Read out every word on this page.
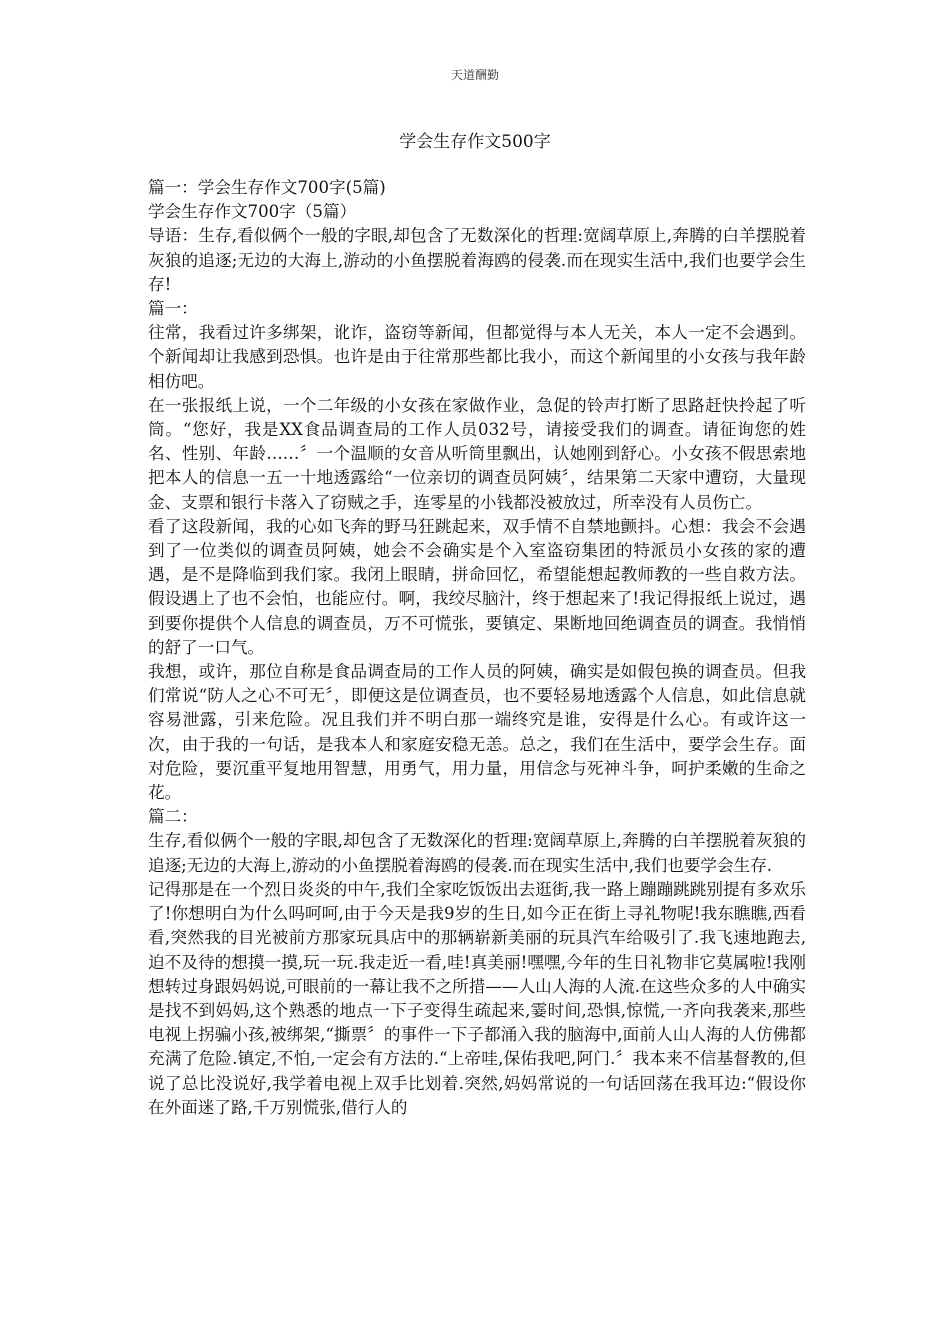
天道酬勤
学会生存作文500字

篇一：学会生存作文700字(5篇)

学会生存作文700字（5篇）

导语：生存,看似俩个一般的字眼,却包含了无数深化的哲理:宽阔草原上,奔腾的白羊摆脱着灰狼的追逐;无边的大海上,游动的小鱼摆脱着海鸥的侵袭.而在现实生活中,我们也要学会生存!

篇一：

往常，我看过许多绑架，讹诈，盗窃等新闻，但都觉得与本人无关，本人一定不会遇到。个新闻却让我感到恐惧。也许是由于往常那些都比我小，而这个新闻里的小女孩与我年龄相仿吧。

在一张报纸上说，一个二年级的小女孩在家做作业，急促的铃声打断了思路赶快拎起了听筒。“您好，我是XX食品调查局的工作人员032号，请接受我们的调查。请征询您的姓名、性别、年龄……〞一个温顺的女音从听筒里飘出，认她刚到舒心。小女孩不假思索地把本人的信息一五一十地透露给“一位亲切的调查员阿姨〞，结果第二天家中遭窃，大量现金、支票和银行卡落入了窃贼之手，连零星的小钱都没被放过，所幸没有人员伤亡。

看了这段新闻，我的心如飞奔的野马狂跳起来，双手情不自禁地颤抖。心想：我会不会遇到了一位类似的调查员阿姨，她会不会确实是个入室盗窃集团的特派员小女孩的家的遭遇，是不是降临到我们家。我闭上眼睛，拼命回忆，希望能想起教师教的一些自救方法。假设遇上了也不会怕，也能应付。啊，我绞尽脑汁，终于想起来了!我记得报纸上说过，遇到要你提供个人信息的调查员，万不可慌张，要镇定、果断地回绝调查员的调查。我悄悄的舒了一口气。

我想，或许，那位自称是食品调查局的工作人员的阿姨，确实是如假包换的调查员。但我们常说“防人之心不可无〞，即便这是位调查员，也不要轻易地透露个人信息，如此信息就容易泄露，引来危险。况且我们并不明白那一端终究是谁，安得是什么心。有或许这一次，由于我的一句话，是我本人和家庭安稳无恙。总之，我们在生活中，要学会生存。面对危险，要沉重平复地用智慧，用勇气，用力量，用信念与死神斗争，呵护柔嫩的生命之花。

篇二：

生存,看似俩个一般的字眼,却包含了无数深化的哲理:宽阔草原上,奔腾的白羊摆脱着灰狼的追逐;无边的大海上,游动的小鱼摆脱着海鸥的侵袭.而在现实生活中,我们也要学会生存.

记得那是在一个烈日炎炎的中午,我们全家吃饭饭出去逛街,我一路上蹦蹦跳跳别提有多欢乐了!你想明白为什么吗呵呵,由于今天是我9岁的生日,如今正在街上寻礼物呢!我东瞧瞧,西看看,突然我的目光被前方那家玩具店中的那辆崭新美丽的玩具汽车给吸引了.我飞速地跑去,迫不及待的想摸一摸,玩一玩.我走近一看,哇!真美丽!嘿嘿,今年的生日礼物非它莫属啦!我刚想转过身跟妈妈说,可眼前的一幕让我不之所措——人山人海的人流.在这些众多的人中确实是找不到妈妈,这个熟悉的地点一下子变得生疏起来,霎时间,恐惧,惊慌,一齐向我袭来,那些电视上拐骗小孩,被绑架,“撕票〞的事件一下子都涌入我的脑海中,面前人山人海的人仿佛都充满了危险.镇定,不怕,一定会有方法的.“上帝哇,保佑我吧,阿门.〞我本来不信基督教的,但说了总比没说好,我学着电视上双手比划着.突然,妈妈常说的一句话回荡在我耳边:“假设你在外面迷了路,千万别慌张,借行人的
